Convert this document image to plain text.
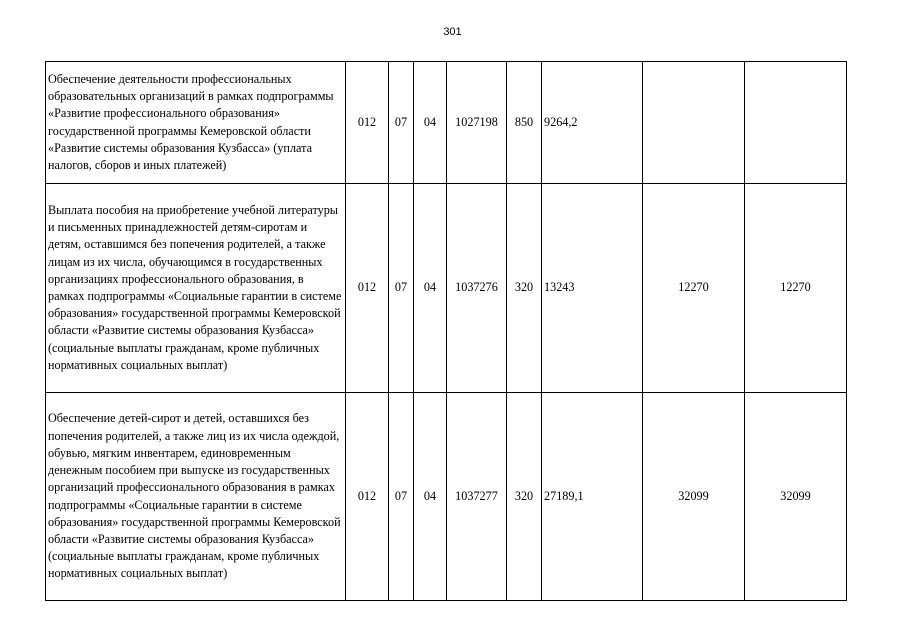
301
Обеспечение деятельности профессиональных образовательных организаций в рамках подпрограммы «Развитие профессионального образования» государственной программы Кемеровской области «Развитие системы образования Кузбасса» (уплата налогов, сборов и иных платежей)	012	07	04	1027198	850	9264,2		
Выплата пособия на приобретение учебной литературы и письменных принадлежностей детям-сиротам и детям, оставшимся без попечения родителей, а также лицам из их числа, обучающимся в государственных организациях профессионального образования, в рамках подпрограммы «Социальные гарантии в системе образования» государственной программы Кемеровской области «Развитие системы образования Кузбасса» (социальные выплаты гражданам, кроме публичных нормативных социальных выплат)	012	07	04	1037276	320	13243	12270	12270
Обеспечение детей-сирот и детей, оставшихся без попечения родителей, а также лиц из их числа одеждой, обувью, мягким инвентарем, единовременным денежным пособием при выпуске из государственных организаций профессионального образования в рамках подпрограммы «Социальные гарантии в системе образования» государственной программы Кемеровской области «Развитие системы образования Кузбасса» (социальные выплаты гражданам, кроме публичных нормативных социальных выплат)	012	07	04	1037277	320	27189,1	32099	32099
